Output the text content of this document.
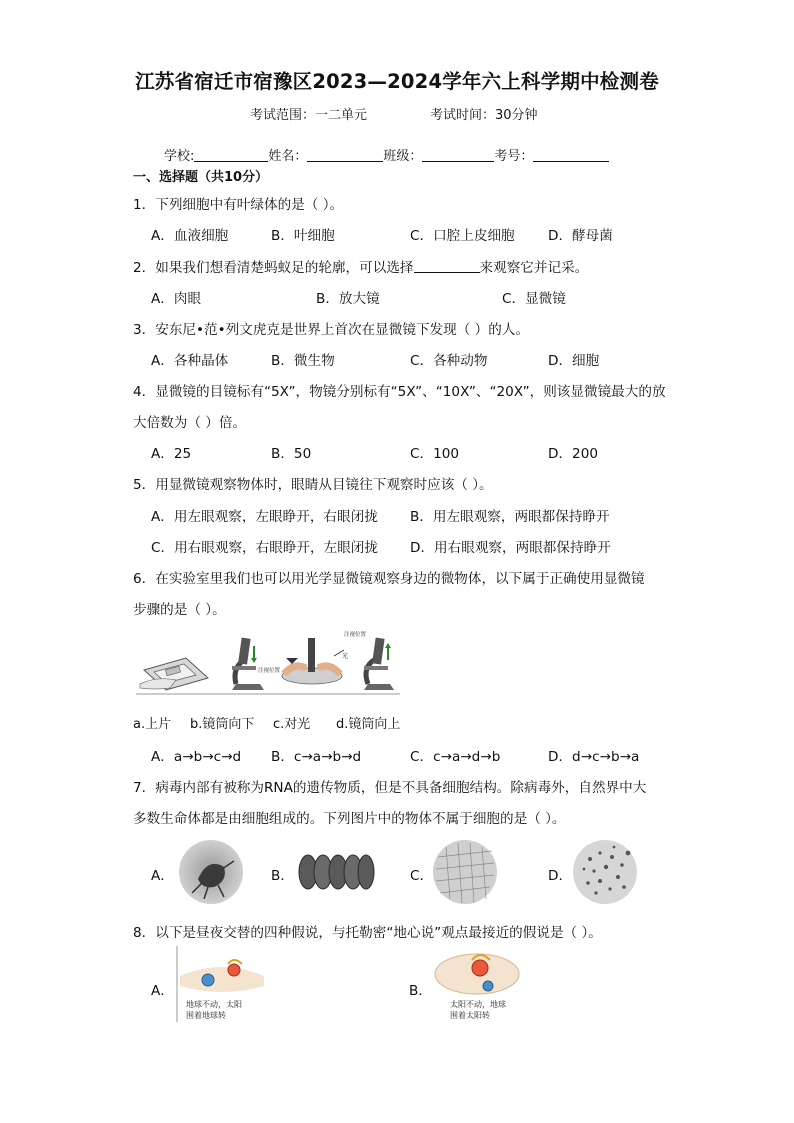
江苏省宿迁市宿豫区2023—2024学年六上科学期中检测卷
考试范围：一二单元	考试时间：30分钟
学校:	姓名：	班级：	考号：
一、选择题（共10分）
1．下列细胞中有叶绿体的是（ ）。
A．血液细胞	B．叶细胞	C．口腔上皮细胞 D．酵母菌
2．如果我们想看清楚蚂蚁足的轮廓，可以选择	来观察它并记采。
A．肉眼	B．放大镜	C．显微镜
3．安东尼•范•列文虎克是世界上首次在显微镜下发现（ ）的人。
A．各种晶体	B．微生物	C．各种动物	D．细胞
4．显微镜的目镜标有“5X”，物镜分别标有“5X”、“10X”、“20X”，则该显微镜最大的放
大倍数为（ ）倍。
A．25	B．50	C．100	D．200
5．用显微镜观察物体时，眼睛从目镜往下观察时应该（ ）。
A．用左眼观察，左眼睁开，右眼闭拢 B．用左眼观察，两眼都保持睁开
C．用右眼观察，右眼睁开，左眼闭拢 D．用右眼观察，两眼都保持睁开
6．在实验室里我们也可以用光学显微镜观察身边的微物体，以下属于正确使用显微镜
步骤的是（ ）。
注视位置
光
注视位置
a.上片 b.镜筒向下 c.对光 d.镜筒向上
A．a→b→c→d B．c→a→b→d	C．c→a→d→b	D．d→c→b→a
7．病毒内部有被称为RNA的遗传物质，但是不具备细胞结构。除病毒外，自然界中大
多数生命体都是由细胞组成的。下列图片中的物体不属于细胞的是（ ）。
A．	B．	C．	D．
8．以下是昼夜交替的四种假说，与托勒密“地心说”观点最接近的假说是（ ）。
A．
地球不动，太阳
围着地球转
B．
太阳不动，地球
围着太阳转
